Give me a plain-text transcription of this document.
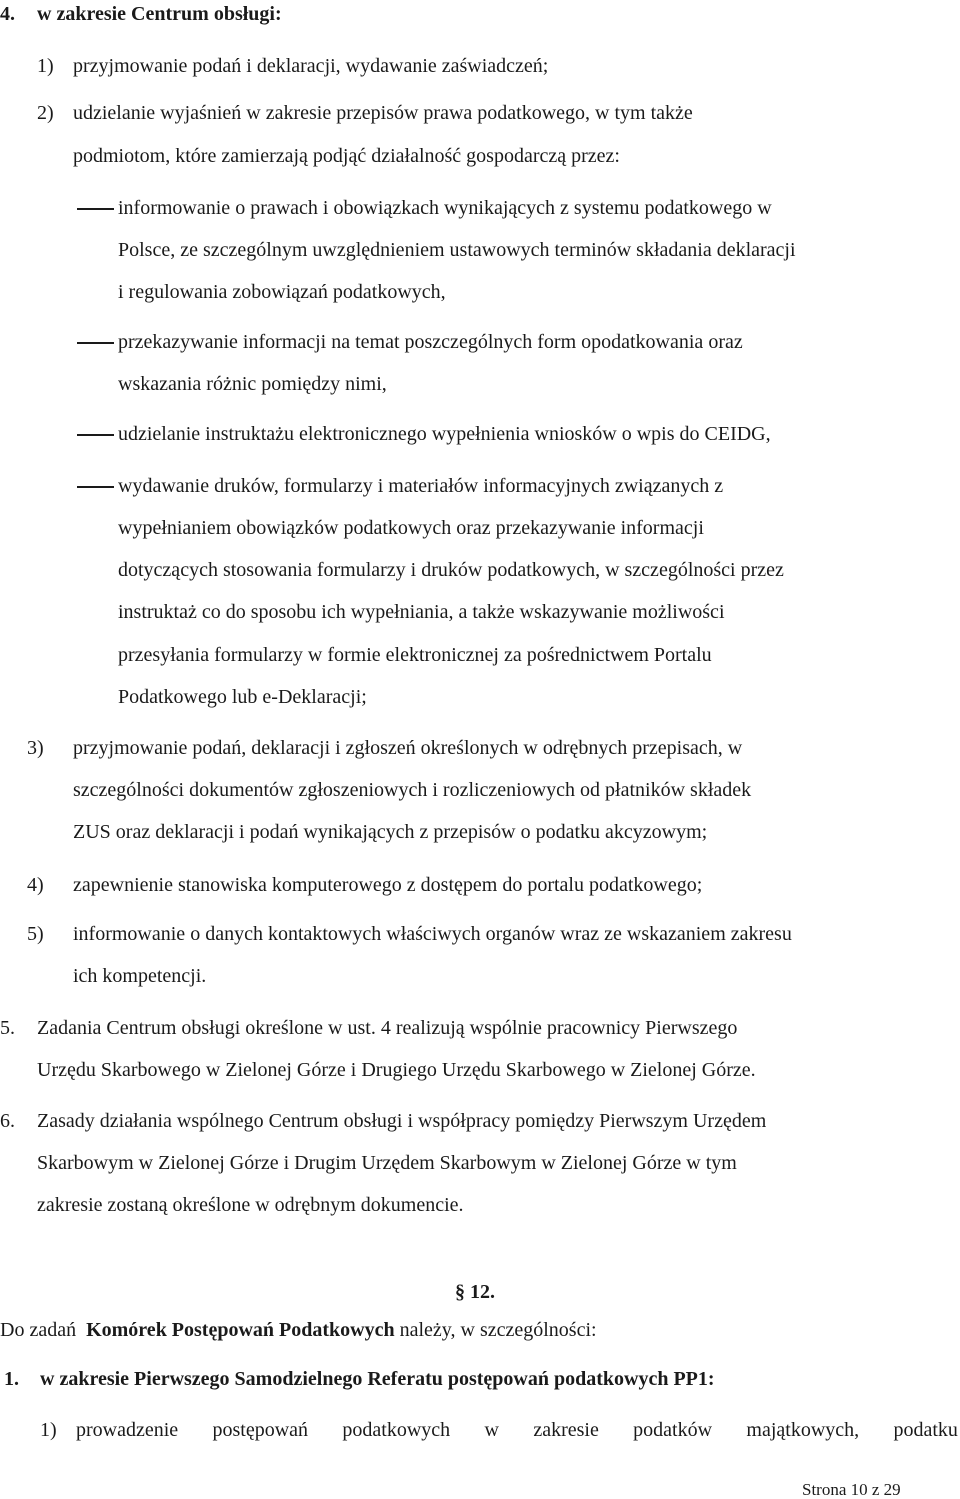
4. w zakresie Centrum obsługi:
1) przyjmowanie podań i deklaracji, wydawanie zaświadczeń;
2) udzielanie wyjaśnień w zakresie przepisów prawa podatkowego, w tym także
podmiotom, które zamierzają podjąć działalność gospodarczą przez:
informowanie o prawach i obowiązkach wynikających z systemu podatkowego w
Polsce, ze szczególnym uwzględnieniem ustawowych terminów składania deklaracji
i regulowania zobowiązań podatkowych,
przekazywanie informacji na temat poszczególnych form opodatkowania oraz
wskazania różnic pomiędzy nimi,
udzielanie instruktażu elektronicznego wypełnienia wniosków o wpis do CEIDG,
wydawanie druków, formularzy i materiałów informacyjnych związanych z
wypełnianiem obowiązków podatkowych oraz przekazywanie informacji
dotyczących stosowania formularzy i druków podatkowych, w szczególności przez
instruktaż co do sposobu ich wypełniania, a także wskazywanie możliwości
przesyłania formularzy w formie elektronicznej za pośrednictwem Portalu
Podatkowego lub e-Deklaracji;
3) przyjmowanie podań, deklaracji i zgłoszeń określonych w odrębnych przepisach, w
szczególności dokumentów zgłoszeniowych i rozliczeniowych od płatników składek
ZUS oraz deklaracji i podań wynikających z przepisów o podatku akcyzowym;
4) zapewnienie stanowiska komputerowego z dostępem do portalu podatkowego;
5) informowanie o danych kontaktowych właściwych organów wraz ze wskazaniem zakresu
ich kompetencji.
5. Zadania Centrum obsługi określone w ust. 4 realizują wspólnie pracownicy Pierwszego
Urzędu Skarbowego w Zielonej Górze i Drugiego Urzędu Skarbowego w Zielonej Górze.
6. Zasady działania wspólnego Centrum obsługi i współpracy pomiędzy Pierwszym Urzędem
Skarbowym w Zielonej Górze i Drugim Urzędem Skarbowym w Zielonej Górze w tym
zakresie zostaną określone w odrębnym dokumencie.
§ 12.
Do zadań Komórek Postępowań Podatkowych należy, w szczególności:
1. w zakresie Pierwszego Samodzielnego Referatu postępowań podatkowych PP1:
1) prowadzenie postępowań podatkowych w zakresie podatków majątkowych, podatku
Strona 10 z 29
